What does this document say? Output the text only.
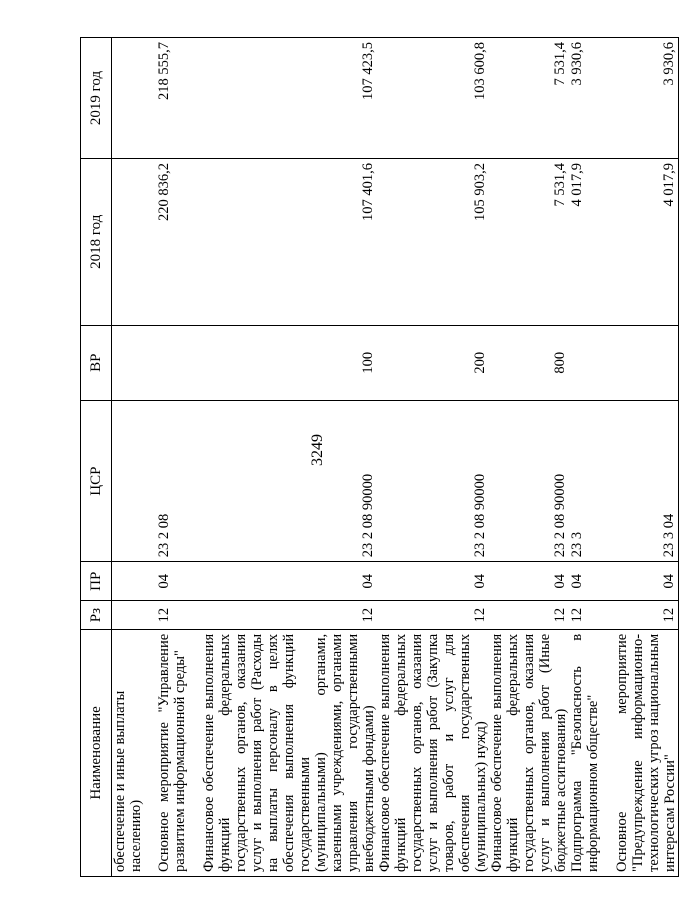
3249
Наименование	Рз	ПР	ЦСР	ВР	2018 год	2019 год
обеспечение и иные выплаты населению)						
Основное мероприятие "Управление развитием информационной среды"	12	04	23 2 08		220 836,2	218 555,7
Финансовое обеспечение выполнения функций федеральных государственных органов, оказания услуг и выполнения работ (Расходы на выплаты персоналу в целях обеспечения выполнения функций государственными (муниципальными) органами, казенными учреждениями, органами управления государственными внебюджетными фондами)	12	04	23 2 08 90000	100	107 401,6	107 423,5
Финансовое обеспечение выполнения функций федеральных государственных органов, оказания услуг и выполнения работ (Закупка товаров, работ и услуг для обеспечения государственных (муниципальных) нужд)	12	04	23 2 08 90000	200	105 903,2	103 600,8
Финансовое обеспечение выполнения функций федеральных государственных органов, оказания услуг и выполнения работ (Иные бюджетные ассигнования)	12	04	23 2 08 90000	800	7 531,4	7 531,4
Подпрограмма "Безопасность в информационном обществе"	12	04	23 3		4 017,9	3 930,6
Основное мероприятие "Предупреждение информационно-технологических угроз национальным интересам России"	12	04	23 3 04		4 017,9	3 930,6
